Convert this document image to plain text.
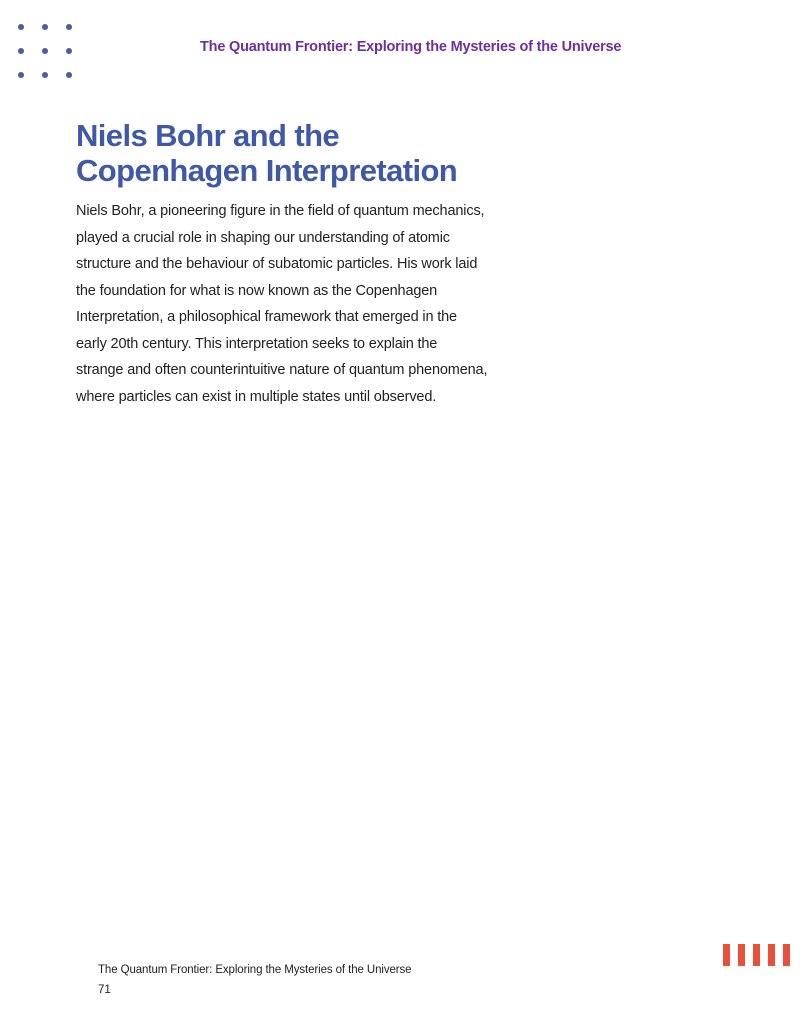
The Quantum Frontier: Exploring the Mysteries of the Universe
Niels Bohr and the Copenhagen Interpretation

Niels Bohr, a pioneering figure in the field of quantum mechanics, played a crucial role in shaping our understanding of atomic structure and the behaviour of subatomic particles. His work laid the foundation for what is now known as the Copenhagen Interpretation, a philosophical framework that emerged in the early 20th century. This interpretation seeks to explain the strange and often counterintuitive nature of quantum phenomena, where particles can exist in multiple states until observed.

The Quantum Frontier: Exploring the Mysteries of the Universe
71
